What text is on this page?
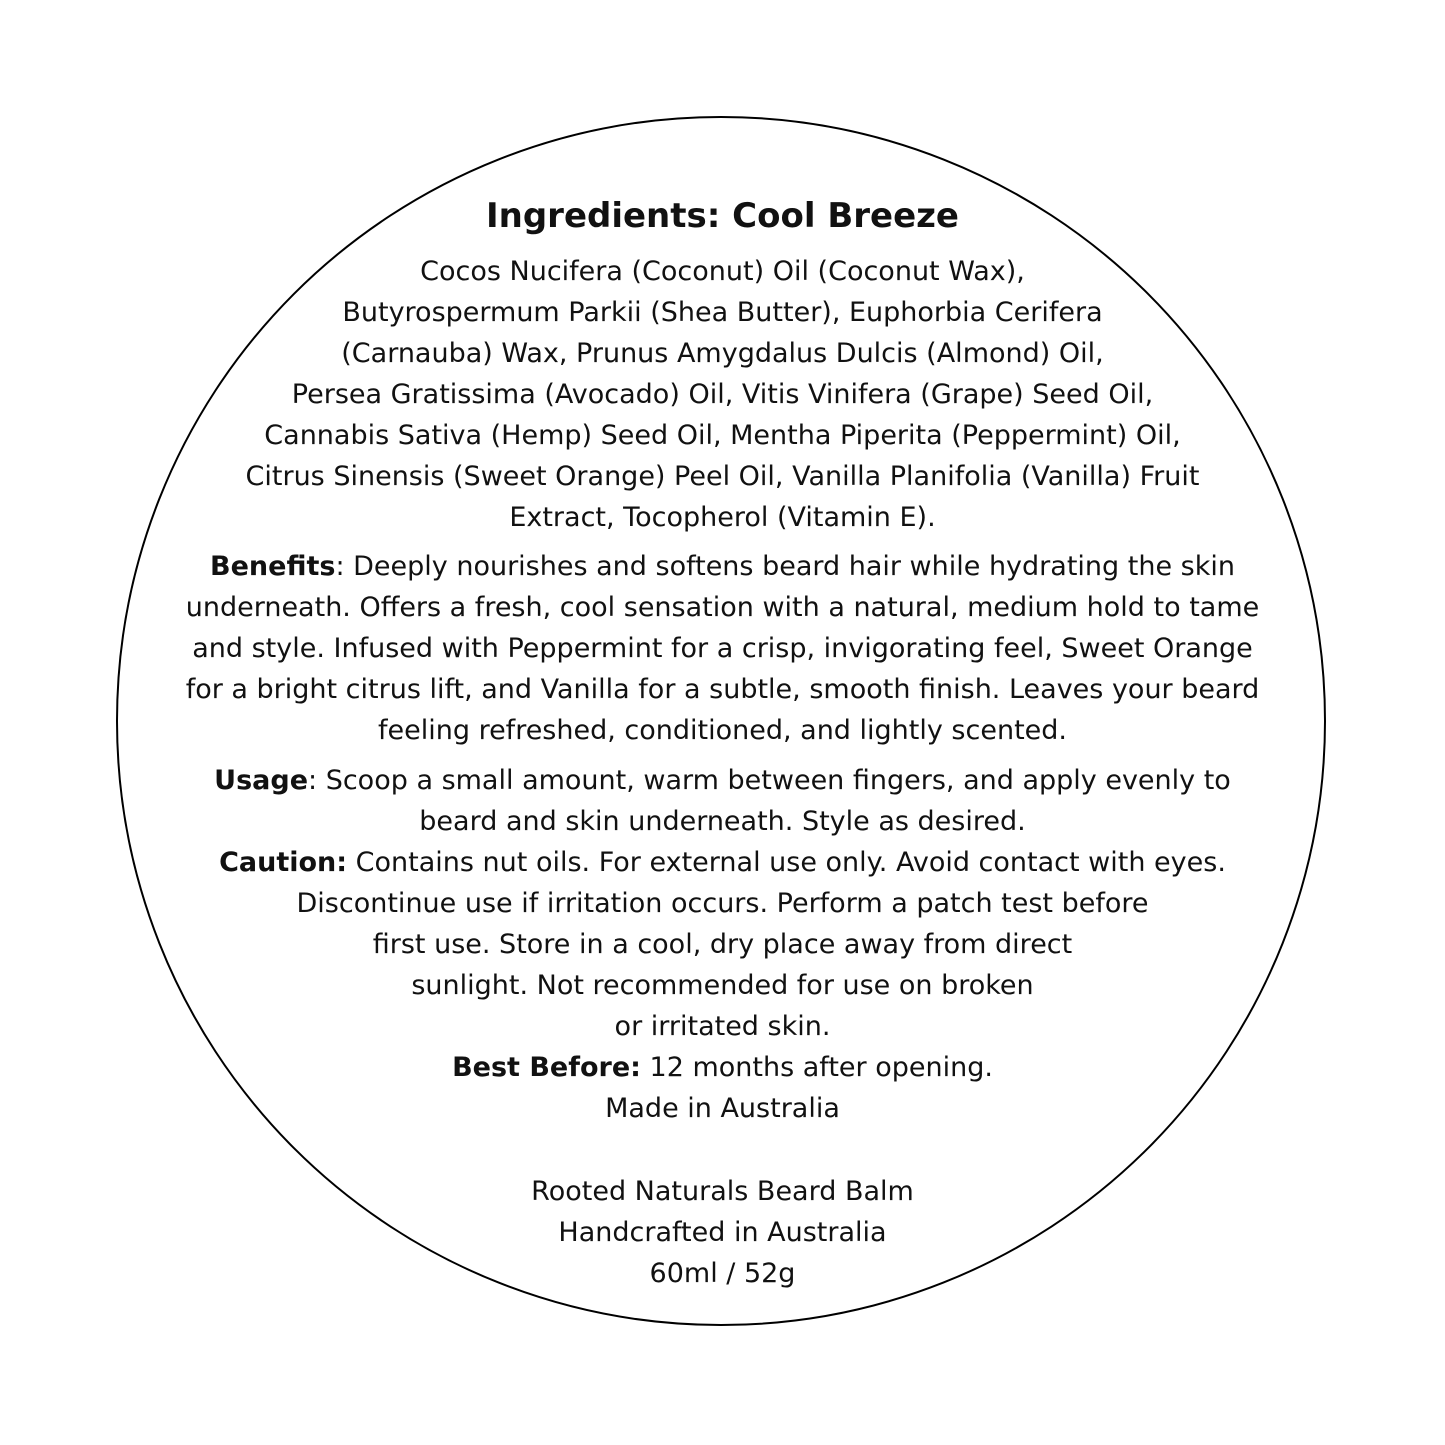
Ingredients: Cool Breeze
Cocos Nucifera (Coconut) Oil (Coconut Wax),
Butyrospermum Parkii (Shea Butter), Euphorbia Cerifera
(Carnauba) Wax, Prunus Amygdalus Dulcis (Almond) Oil,
Persea Gratissima (Avocado) Oil, Vitis Vinifera (Grape) Seed Oil,
Cannabis Sativa (Hemp) Seed Oil, Mentha Piperita (Peppermint) Oil,
Citrus Sinensis (Sweet Orange) Peel Oil, Vanilla Planifolia (Vanilla) Fruit
Extract, Tocopherol (Vitamin E).
Benefits: Deeply nourishes and softens beard hair while hydrating the skin
underneath. Offers a fresh, cool sensation with a natural, medium hold to tame
and style. Infused with Peppermint for a crisp, invigorating feel, Sweet Orange
for a bright citrus lift, and Vanilla for a subtle, smooth finish. Leaves your beard
feeling refreshed, conditioned, and lightly scented.
Usage: Scoop a small amount, warm between fingers, and apply evenly to
beard and skin underneath. Style as desired.
Caution: Contains nut oils. For external use only. Avoid contact with eyes.
Discontinue use if irritation occurs. Perform a patch test before
first use. Store in a cool, dry place away from direct
sunlight. Not recommended for use on broken
or irritated skin.
Best Before: 12 months after opening.
Made in Australia
Rooted Naturals Beard Balm
Handcrafted in Australia
60ml / 52g
